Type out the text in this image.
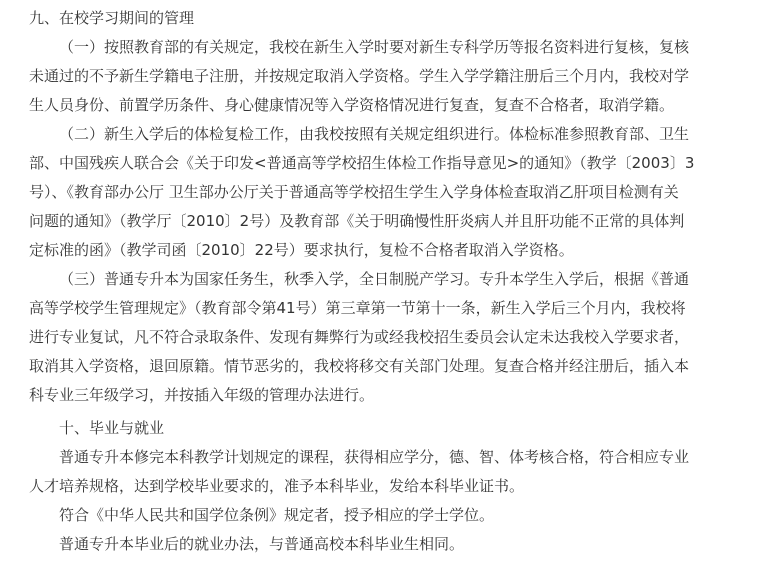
九、在校学习期间的管理
（一）按照教育部的有关规定，我校在新生入学时要对新生专科学历等报名资料进行复核，复核
未通过的不予新生学籍电子注册，并按规定取消入学资格。学生入学学籍注册后三个月内，我校对学
生人员身份、前置学历条件、身心健康情况等入学资格情况进行复查，复查不合格者，取消学籍。
（二）新生入学后的体检复检工作，由我校按照有关规定组织进行。体检标准参照教育部、卫生
部、中国残疾人联合会《关于印发<普通高等学校招生体检工作指导意见>的通知》（教学〔2003〕3
号）、《教育部办公厅 卫生部办公厅关于普通高等学校招生学生入学身体检查取消乙肝项目检测有关
问题的通知》（教学厅〔2010〕2号）及教育部《关于明确慢性肝炎病人并且肝功能不正常的具体判
定标准的函》（教学司函〔2010〕22号）要求执行，复检不合格者取消入学资格。
（三）普通专升本为国家任务生，秋季入学，全日制脱产学习。专升本学生入学后，根据《普通
高等学校学生管理规定》（教育部令第41号）第三章第一节第十一条，新生入学后三个月内，我校将
进行专业复试，凡不符合录取条件、发现有舞弊行为或经我校招生委员会认定未达我校入学要求者，
取消其入学资格，退回原籍。情节恶劣的，我校将移交有关部门处理。复查合格并经注册后，插入本
科专业三年级学习，并按插入年级的管理办法进行。
十、毕业与就业
普通专升本修完本科教学计划规定的课程，获得相应学分，德、智、体考核合格，符合相应专业
人才培养规格，达到学校毕业要求的，准予本科毕业，发给本科毕业证书。
符合《中华人民共和国学位条例》规定者，授予相应的学士学位。
普通专升本毕业后的就业办法，与普通高校本科毕业生相同。
